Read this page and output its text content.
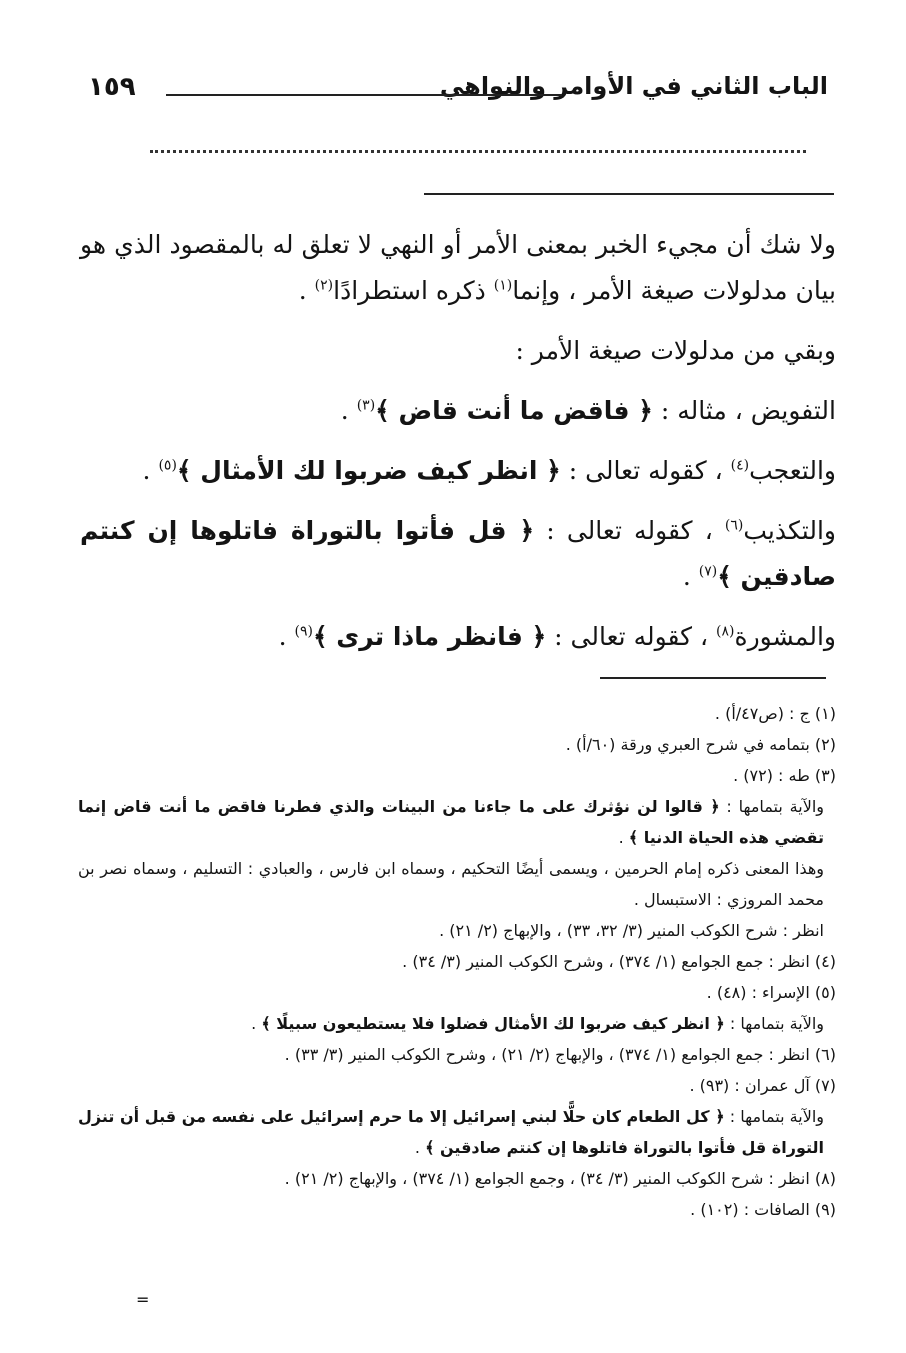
الباب الثاني في الأوامر والنواهي
١٥٩

ولا شك أن مجيء الخبر بمعنى الأمر أو النهي لا تعلق له بالمقصود الذي هو بيان مدلولات صيغة الأمر ، وإنما$^{(١)}$ ذكره استطرادًا$^{(٢)}$ .

وبقي من مدلولات صيغة الأمر :

التفويض ، مثاله : ﴿ فاقض ما أنت قاض ﴾$^{(٣)}$ .

والتعجب$^{(٤)}$ ، كقوله تعالى : ﴿ انظر كيف ضربوا لك الأمثال ﴾$^{(٥)}$ .

والتكذيب$^{(٦)}$ ، كقوله تعالى : ﴿ قل فأتوا بالتوراة فاتلوها إن كنتم صادقين ﴾$^{(٧)}$ .

والمشورة$^{(٨)}$ ، كقوله تعالى : ﴿ فانظر ماذا ترى ﴾$^{(٩)}$ .

(١) ج : (ص٤٧/أ) .

(٢) بتمامه في شرح العبري ورقة (٦٠/أ) .

(٣) طه : (٧٢) .

والآية بتمامها : ﴿ قالوا لن نؤثرك على ما جاءنا من البينات والذي فطرنا فاقض ما أنت قاض إنما تقضي هذه الحياة الدنيا ﴾ .

وهذا المعنى ذكره إمام الحرمين ، ويسمى أيضًا التحكيم ، وسماه ابن فارس ، والعبادي : التسليم ، وسماه نصر بن محمد المروزي : الاستبسال .

انظر : شرح الكوكب المنير (٣/ ٣٢، ٣٣) ، والإبهاج (٢/ ٢١) .

(٤) انظر : جمع الجوامع (١/ ٣٧٤) ، وشرح الكوكب المنير (٣/ ٣٤) .

(٥) الإسراء : (٤٨) .

والآية بتمامها : ﴿ انظر كيف ضربوا لك الأمثال فضلوا فلا يستطيعون سبيلًا ﴾ .

(٦) انظر : جمع الجوامع (١/ ٣٧٤) ، والإبهاج (٢/ ٢١) ، وشرح الكوكب المنير (٣/ ٣٣) .

(٧) آل عمران : (٩٣) .

والآية بتمامها : ﴿ كل الطعام كان حلًّا لبني إسرائيل إلا ما حرم إسرائيل على نفسه من قبل أن تنزل التوراة قل فأتوا بالتوراة فاتلوها إن كنتم صادقين ﴾ .

(٨) انظر : شرح الكوكب المنير (٣/ ٣٤) ، وجمع الجوامع (١/ ٣٧٤) ، والإبهاج (٢/ ٢١) .

(٩) الصافات : (١٠٢) .

=
